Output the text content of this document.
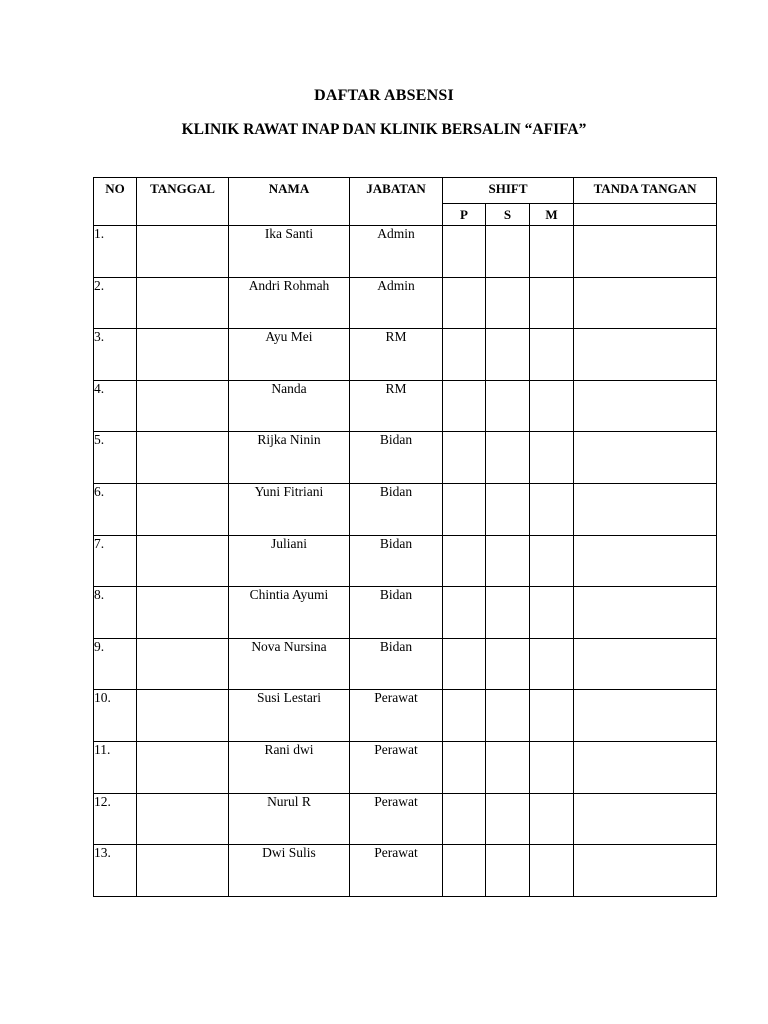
DAFTAR ABSENSI
KLINIK RAWAT INAP DAN KLINIK BERSALIN “AFIFA”
NO	TANGGAL	NAMA	JABATAN	SHIFT			TANDA TANGAN
				P	S	M	
1.		Ika Santi	Admin				
2.		Andri Rohmah	Admin				
3.		Ayu Mei	RM				
4.		Nanda	RM				
5.		Rijka Ninin	Bidan				
6.		Yuni Fitriani	Bidan				
7.		Juliani	Bidan				
8.		Chintia Ayumi	Bidan				
9.		Nova Nursina	Bidan				
10.		Susi Lestari	Perawat				
11.		Rani dwi	Perawat				
12.		Nurul R	Perawat				
13.		Dwi Sulis	Perawat				
